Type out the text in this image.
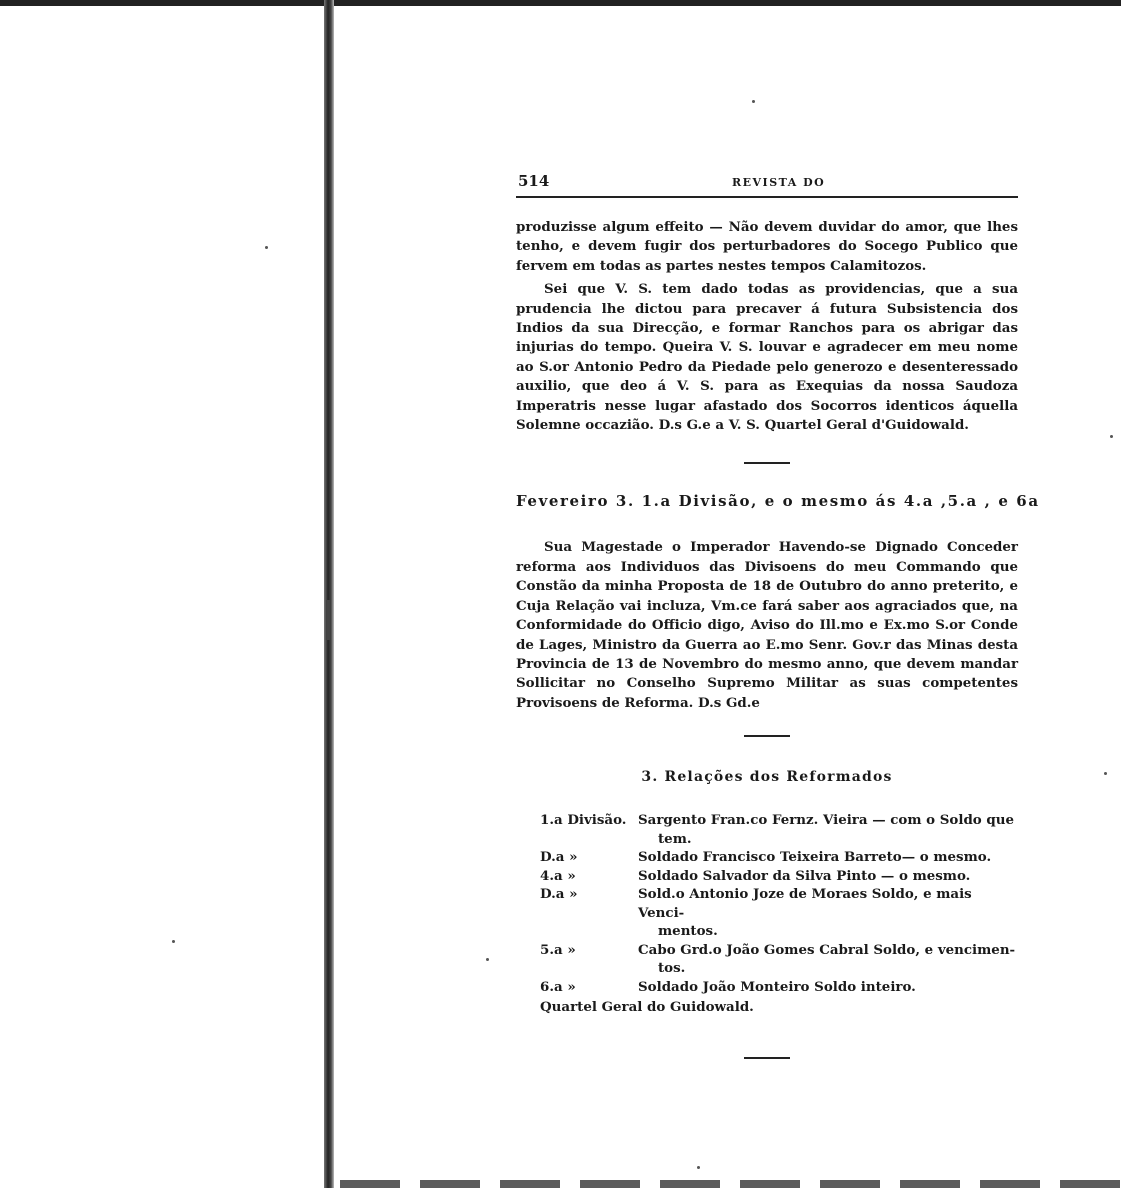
514	REVISTA DO

produzisse algum effeito — Não devem duvidar do amor, que lhes tenho, e devem fugir dos perturbadores do Socego Publico que fervem em todas as partes nestes tempos Calamitozos.

Sei que V. S. tem dado todas as providencias, que a sua prudencia lhe dictou para precaver á futura Subsistencia dos Indios da sua Direcção, e formar Ranchos para os abrigar das injurias do tempo. Queira V. S. louvar e agradecer em meu nome ao S.or Antonio Pedro da Piedade pelo generozo e desenteressado auxilio, que deo á V. S. para as Exequias da nossa Saudoza Imperatris nesse lugar afastado dos Socorros identicos áquella Solemne occazião. D.s G.e a V. S. Quartel Geral d'Guidowald.

Fevereiro 3. 1.a Divisão, e o mesmo ás 4.a ,5.a , e 6a

Sua Magestade o Imperador Havendo-se Dignado Conceder reforma aos Individuos das Divisoens do meu Commando que Constão da minha Proposta de 18 de Outubro do anno preterito, e Cuja Relação vai incluza, Vm.ce fará saber aos agraciados que, na Conformidade do Officio digo, Aviso do Ill.mo e Ex.mo S.or Conde de Lages, Ministro da Guerra ao E.mo Senr. Gov.r das Minas desta Provincia de 13 de Novembro do mesmo anno, que devem mandar Sollicitar no Conselho Supremo Militar as suas competentes Provisoens de Reforma. D.s Gd.e

3. Relações dos Reformados
1.a Divisão. Sargento Fran.co Fernz. Vieira — com o Soldo que
tem.
D.a »	Soldado Francisco Teixeira Barreto— o mesmo.
4.a »	Soldado Salvador da Silva Pinto — o mesmo.
D.a »	Sold.o Antonio Joze de Moraes Soldo, e mais Venci-
mentos.
5.a »	Cabo Grd.o João Gomes Cabral Soldo, e vencimen-
tos.
6.a »	Soldado João Monteiro Soldo inteiro.
Quartel Geral do Guidowald.
